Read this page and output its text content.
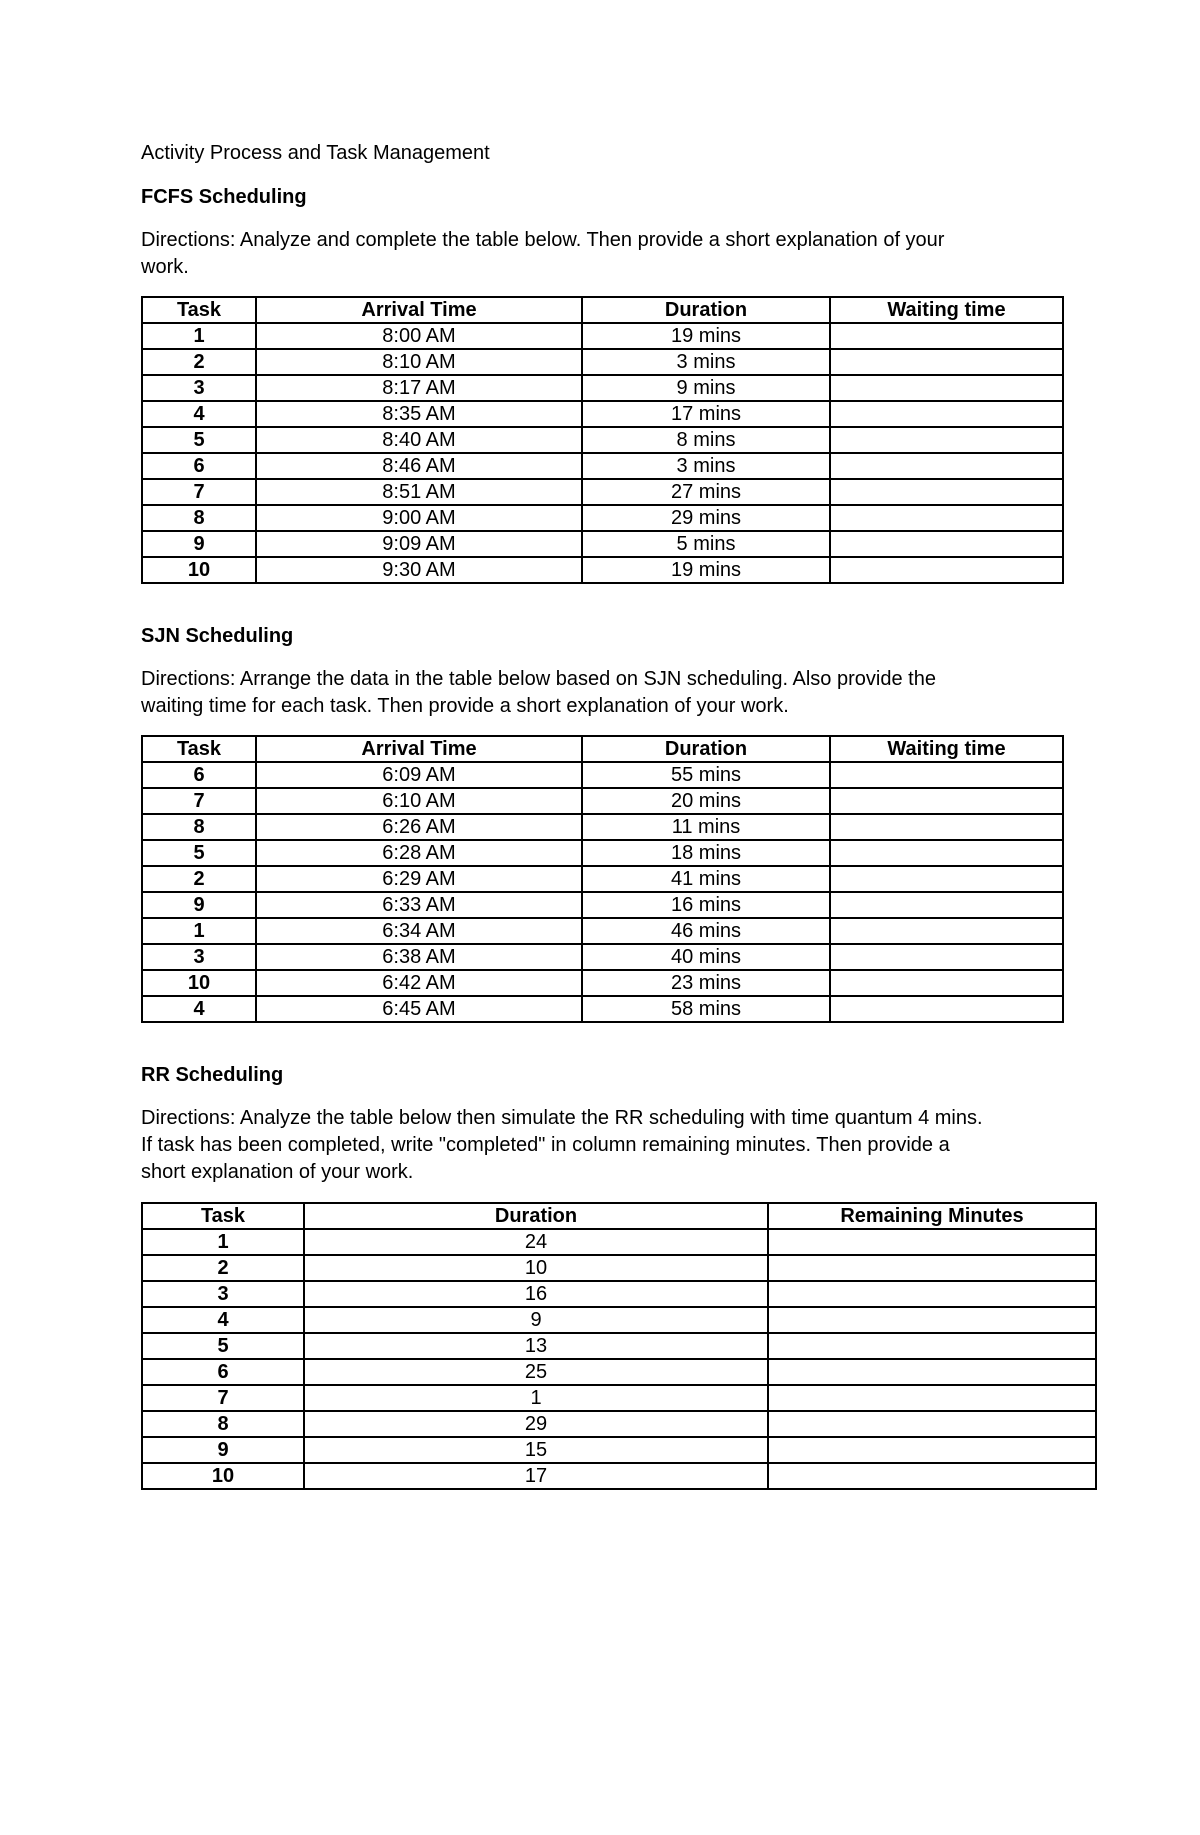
Activity Process and Task Management
FCFS Scheduling
Directions: Analyze and complete the table below. Then provide a short explanation of your
work.
Task	Arrival Time	Duration	Waiting time
1	8:00 AM	19 mins	
2	8:10 AM	3 mins	
3	8:17 AM	9 mins	
4	8:35 AM	17 mins	
5	8:40 AM	8 mins	
6	8:46 AM	3 mins	
7	8:51 AM	27 mins	
8	9:00 AM	29 mins	
9	9:09 AM	5 mins	
10	9:30 AM	19 mins	
SJN Scheduling
Directions: Arrange the data in the table below based on SJN scheduling. Also provide the
waiting time for each task. Then provide a short explanation of your work.
Task	Arrival Time	Duration	Waiting time
6	6:09 AM	55 mins	
7	6:10 AM	20 mins	
8	6:26 AM	11 mins	
5	6:28 AM	18 mins	
2	6:29 AM	41 mins	
9	6:33 AM	16 mins	
1	6:34 AM	46 mins	
3	6:38 AM	40 mins	
10	6:42 AM	23 mins	
4	6:45 AM	58 mins	
RR Scheduling
Directions: Analyze the table below then simulate the RR scheduling with time quantum 4 mins.
If task has been completed, write "completed" in column remaining minutes. Then provide a
short explanation of your work.
Task	Duration	Remaining Minutes
1	24	
2	10	
3	16	
4	9	
5	13	
6	25	
7	1	
8	29	
9	15	
10	17	
